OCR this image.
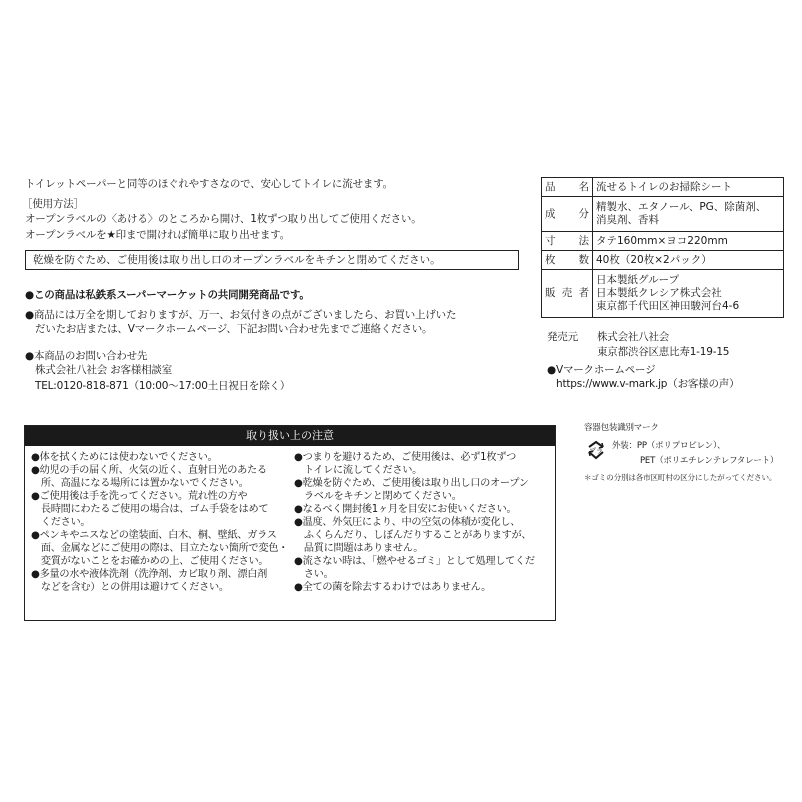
トイレットペーパーと同等のほぐれやすさなので、安心してトイレに流せます。
［使用方法］
オープンラベルの〈あける〉のところから開け、1枚ずつ取り出してご使用ください。
オープンラベルを★印まで開ければ簡単に取り出せます。
乾燥を防ぐため、ご使用後は取り出し口のオープンラベルをキチンと閉めてください。
●この商品は私鉄系スーパーマーケットの共同開発商品です。
●商品には万全を期しておりますが、万一、お気付きの点がございましたら、お買い上げいた
だいたお店または、Vマークホームページ、下記お問い合わせ先までご連絡ください。
●本商品のお問い合わせ先
株式会社八社会 お客様相談室
TEL:0120-818-871（10:00～17:00土日祝日を除く）
品名	流せるトイレのお掃除シート

成分	精製水、エタノール、PG、除菌剤、
消臭剤、香料

寸法	タテ160mm×ヨコ220mm

枚数	40枚（20枚×2パック）

販売者	日本製紙グループ
日本製紙クレシア株式会社
東京都千代田区神田駿河台4-6
発売元 株式会社八社会
東京都渋谷区恵比寿1-19-15
●Vマークホームページ
https://www.v-mark.jp（お客様の声）
取り扱い上の注意
●体を拭くためには使わないでください。
●幼児の手の届く所、火気の近く、直射日光のあたる
　所、高温になる場所には置かないでください。
●ご使用後は手を洗ってください。荒れ性の方や
　長時間にわたるご使用の場合は、ゴム手袋をはめて
　ください。
●ペンキやニスなどの塗装面、白木、桐、壁紙、ガラス
　面、金属などにご使用の際は、目立たない箇所で変色・
　変質がないことをお確かめの上、ご使用ください。
●多量の水や液体洗剤（洗浄剤、カビ取り剤、漂白剤
　などを含む）との併用は避けてください。
●つまりを避けるため、ご使用後は、必ず1枚ずつ
　トイレに流してください。
●乾燥を防ぐため、ご使用後は取り出し口のオープン
　ラベルをキチンと閉めてください。
●なるべく開封後1ヶ月を目安にお使いください。
●温度、外気圧により、中の空気の体積が変化し、
　ふくらんだり、しぼんだりすることがありますが、
　品質に問題はありません。
●流さない時は、「燃やせるゴミ」として処理してくだ
　さい。
●全ての菌を除去するわけではありません。
容器包装識別マーク
プラ 外装：PP（ポリプロピレン）、
PET（ポリエチレンテレフタレート）
＊ゴミの分別は各市区町村の区分にしたがってください。
